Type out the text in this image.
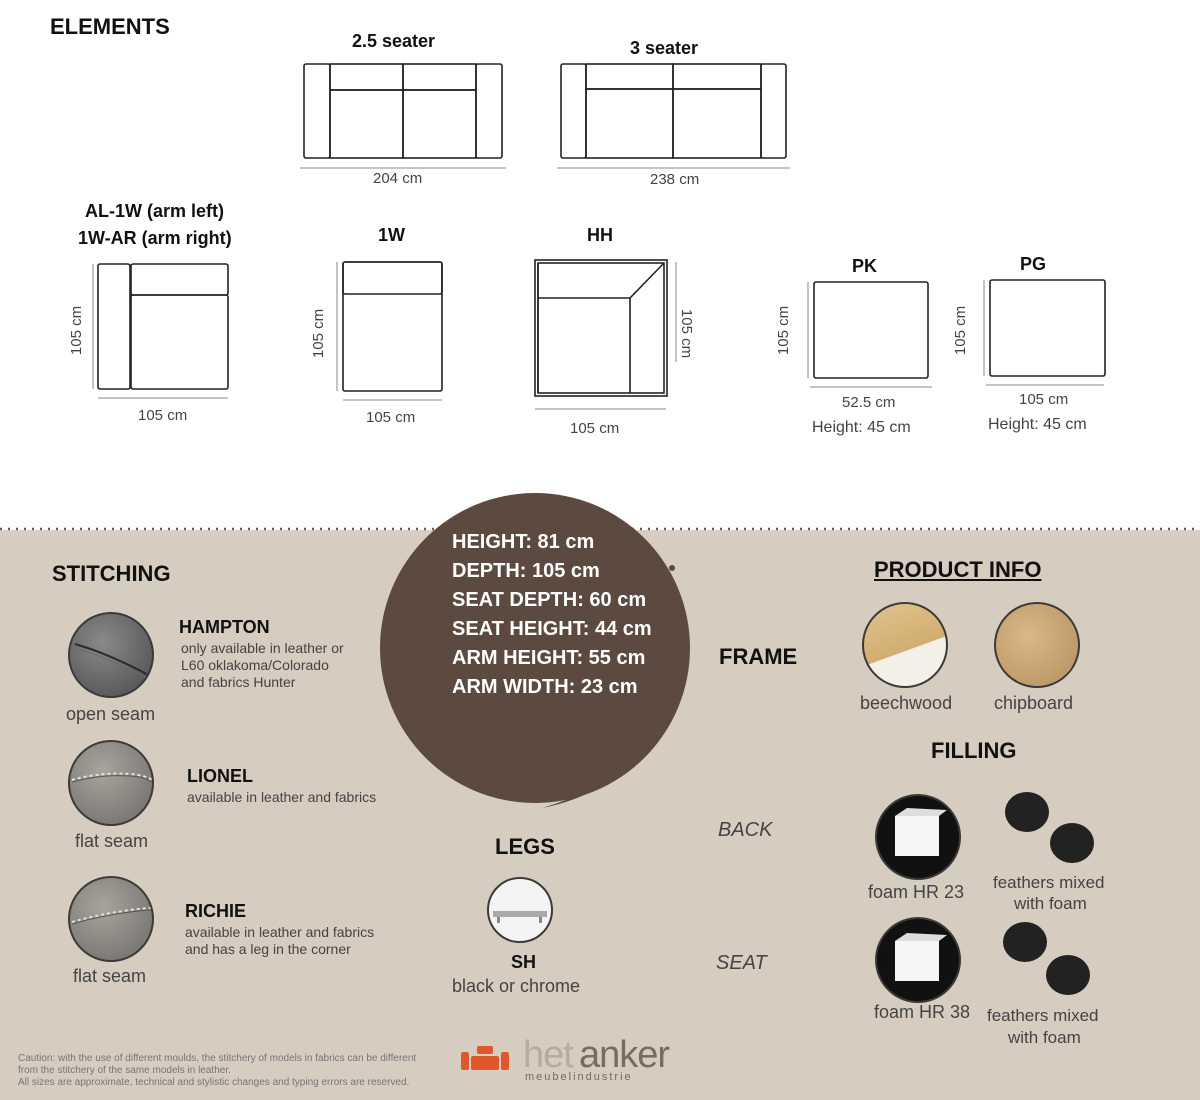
ELEMENTS
2.5 seater
204 cm
3 seater
238 cm
AL-1W (arm left)
1W-AR (arm right)
105 cm
105 cm
1W
105 cm
105 cm
HH
105 cm
105 cm
PK
105 cm
52.5 cm
Height: 45 cm
PG
105 cm
105 cm
Height: 45 cm
HEIGHT: 81 cm
DEPTH: 105 cm
SEAT DEPTH: 60 cm
SEAT HEIGHT: 44 cm
ARM HEIGHT: 55 cm
ARM WIDTH: 23 cm
STITCHING
open seam
HAMPTON
only available in leather or
L60 oklakoma/Colorado
and fabrics Hunter
flat seam
LIONEL
available in leather and fabrics
flat seam
RICHIE
available in leather and fabrics
and has a leg in the corner
LEGS
SH
black or chrome
FRAME
BACK
SEAT
PRODUCT INFO
beechwood chipboard
FILLING
foam HR 23 feathers mixed
with foam
foam HR 38 feathers mixed
with foam
Caution: with the use of different moulds, the stitchery of models in fabrics can be different
from the stitchery of the same models in leather.
All sizes are approximate, technical and stylistic changes and typing errors are reserved.
het anker
meubelindustrie
